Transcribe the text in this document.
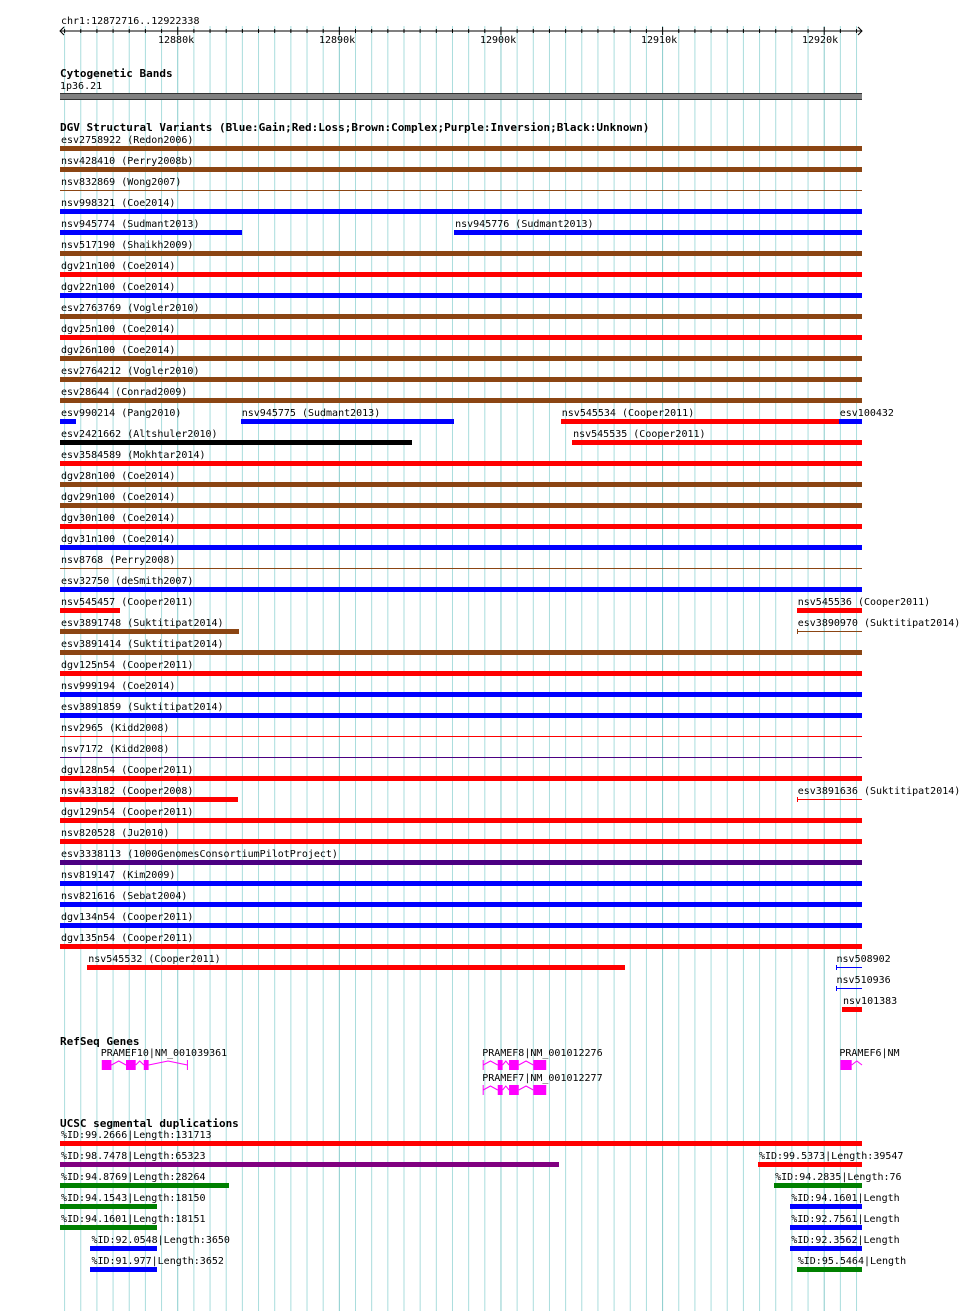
chr1:12872716..12922338
12880k	12890k	12900k	12910k	12920k
Cytogenetic Bands
1p36.21
DGV Structural Variants (Blue:Gain;Red:Loss;Brown:Complex;Purple:Inversion;Black:Unknown)
esv2758922 (Redon2006)
nsv428410 (Perry2008b)
nsv832869 (Wong2007)
nsv998321 (Coe2014)
nsv945774 (Sudmant2013)	nsv945776 (Sudmant2013)
nsv517190 (Shaikh2009)
dgv21n100 (Coe2014)
dgv22n100 (Coe2014)
esv2763769 (Vogler2010)
dgv25n100 (Coe2014)
dgv26n100 (Coe2014)
esv2764212 (Vogler2010)
esv28644 (Conrad2009)
esv990214 (Pang2010)	nsv945775 (Sudmant2013)	nsv545534 (Cooper2011)	esv100432
esv2421662 (Altshuler2010)	nsv545535 (Cooper2011)
esv3584589 (Mokhtar2014)
dgv28n100 (Coe2014)
dgv29n100 (Coe2014)
dgv30n100 (Coe2014)
dgv31n100 (Coe2014)
nsv8768 (Perry2008)
esv32750 (deSmith2007)
nsv545457 (Cooper2011)	nsv545536 (Cooper2011)
esv3891748 (Suktitipat2014)	esv3890970 (Suktitipat2014)
esv3891414 (Suktitipat2014)
dgv125n54 (Cooper2011)
nsv999194 (Coe2014)
esv3891859 (Suktitipat2014)
nsv2965 (Kidd2008)
nsv7172 (Kidd2008)
dgv128n54 (Cooper2011)
nsv433182 (Cooper2008)	esv3891636 (Suktitipat2014)
dgv129n54 (Cooper2011)
nsv820528 (Ju2010)
esv3338113 (1000GenomesConsortiumPilotProject)
nsv819147 (Kim2009)
nsv821616 (Sebat2004)
dgv134n54 (Cooper2011)
dgv135n54 (Cooper2011)
nsv545532 (Cooper2011)	nsv508902
nsv510936
nsv101383
RefSeq Genes
PRAMEF10|NM_001039361	PRAMEF8|NM_001012276
PRAMEF7|NM_001012277
PRAMEF6|NM
UCSC segmental duplications
%ID:99.2666|Length:131713
%ID:98.7478|Length:65323	%ID:99.5373|Length:39547
%ID:94.8769|Length:28264	%ID:94.2835|Length:76
%ID:94.1543|Length:18150	%ID:94.1601|Length
%ID:94.1601|Length:18151	%ID:92.7561|Length
%ID:92.0548|Length:3650	%ID:92.3562|Length
%ID:91.977|Length:3652	%ID:95.5464|Length
